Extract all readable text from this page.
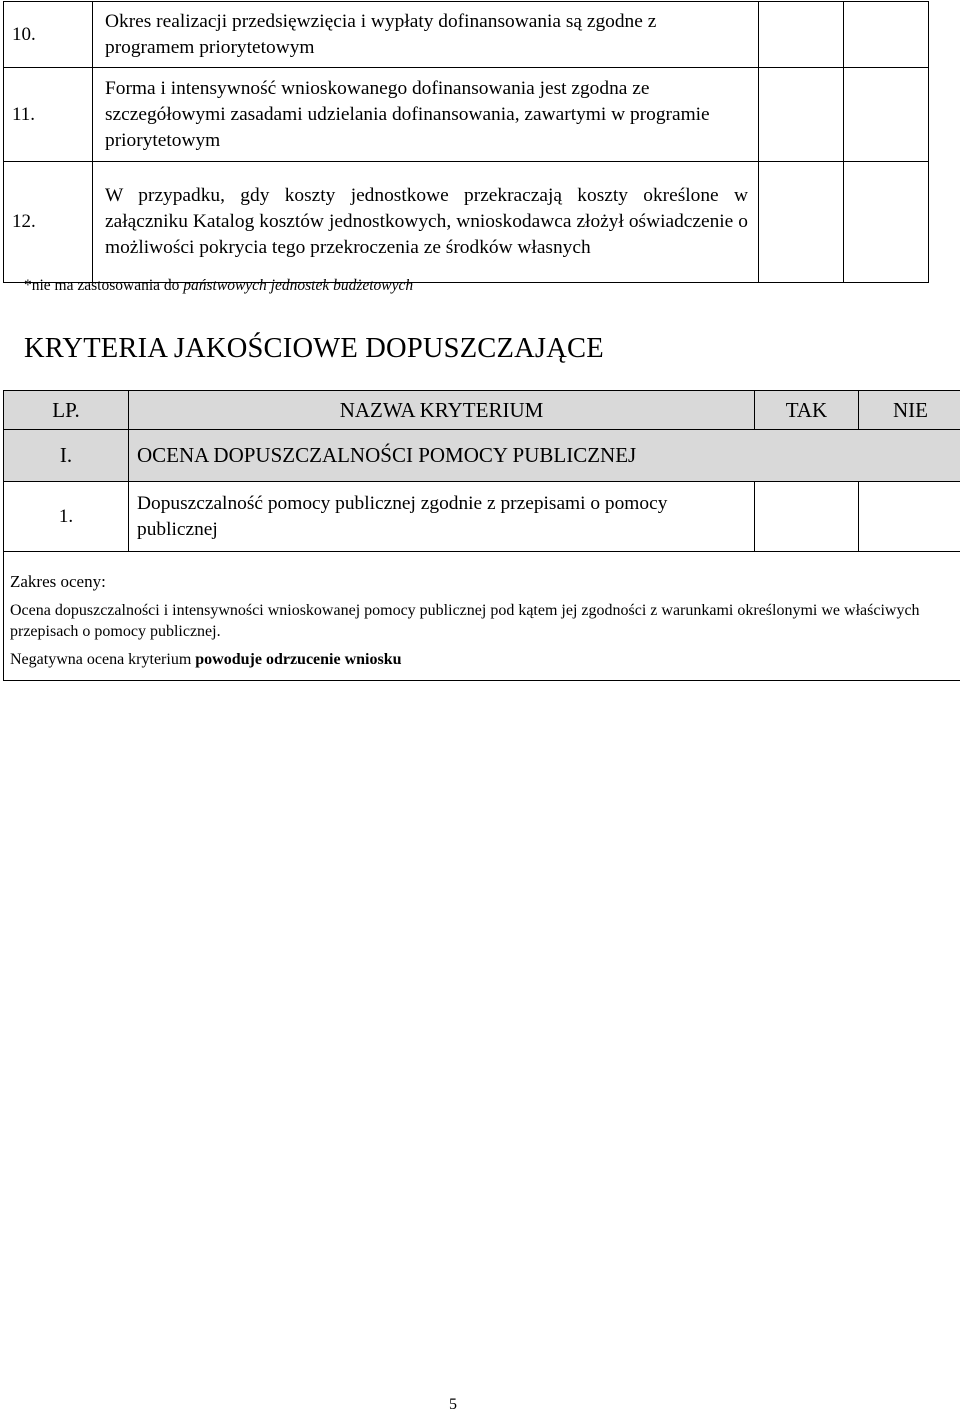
10.	Okres realizacji przedsięwzięcia i wypłaty dofinansowania są zgodne z programem priorytetowym		
11.	Forma i intensywność wnioskowanego dofinansowania jest zgodna ze szczegółowymi zasadami udzielania dofinansowania, zawartymi w programie priorytetowym		
12.	W przypadku, gdy koszty jednostkowe przekraczają koszty określone w załączniku Katalog kosztów jednostkowych, wnioskodawca złożył oświadczenie o możliwości pokrycia tego przekroczenia ze środków własnych		
*nie ma zastosowania do państwowych jednostek budżetowych
KRYTERIA JAKOŚCIOWE DOPUSZCZAJĄCE
LP.	NAZWA KRYTERIUM	TAK	NIE
I.	OCENA DOPUSZCZALNOŚCI POMOCY PUBLICZNEJ		
1.	Dopuszczalność pomocy publicznej zgodnie z przepisami o pomocy publicznej		

Zakres oceny:
Ocena dopuszczalności i intensywności wnioskowanej pomocy publicznej pod kątem jej zgodności z warunkami określonymi we właściwych przepisach o pomocy publicznej.
Negatywna ocena kryterium powoduje odrzucenie wniosku			
5
